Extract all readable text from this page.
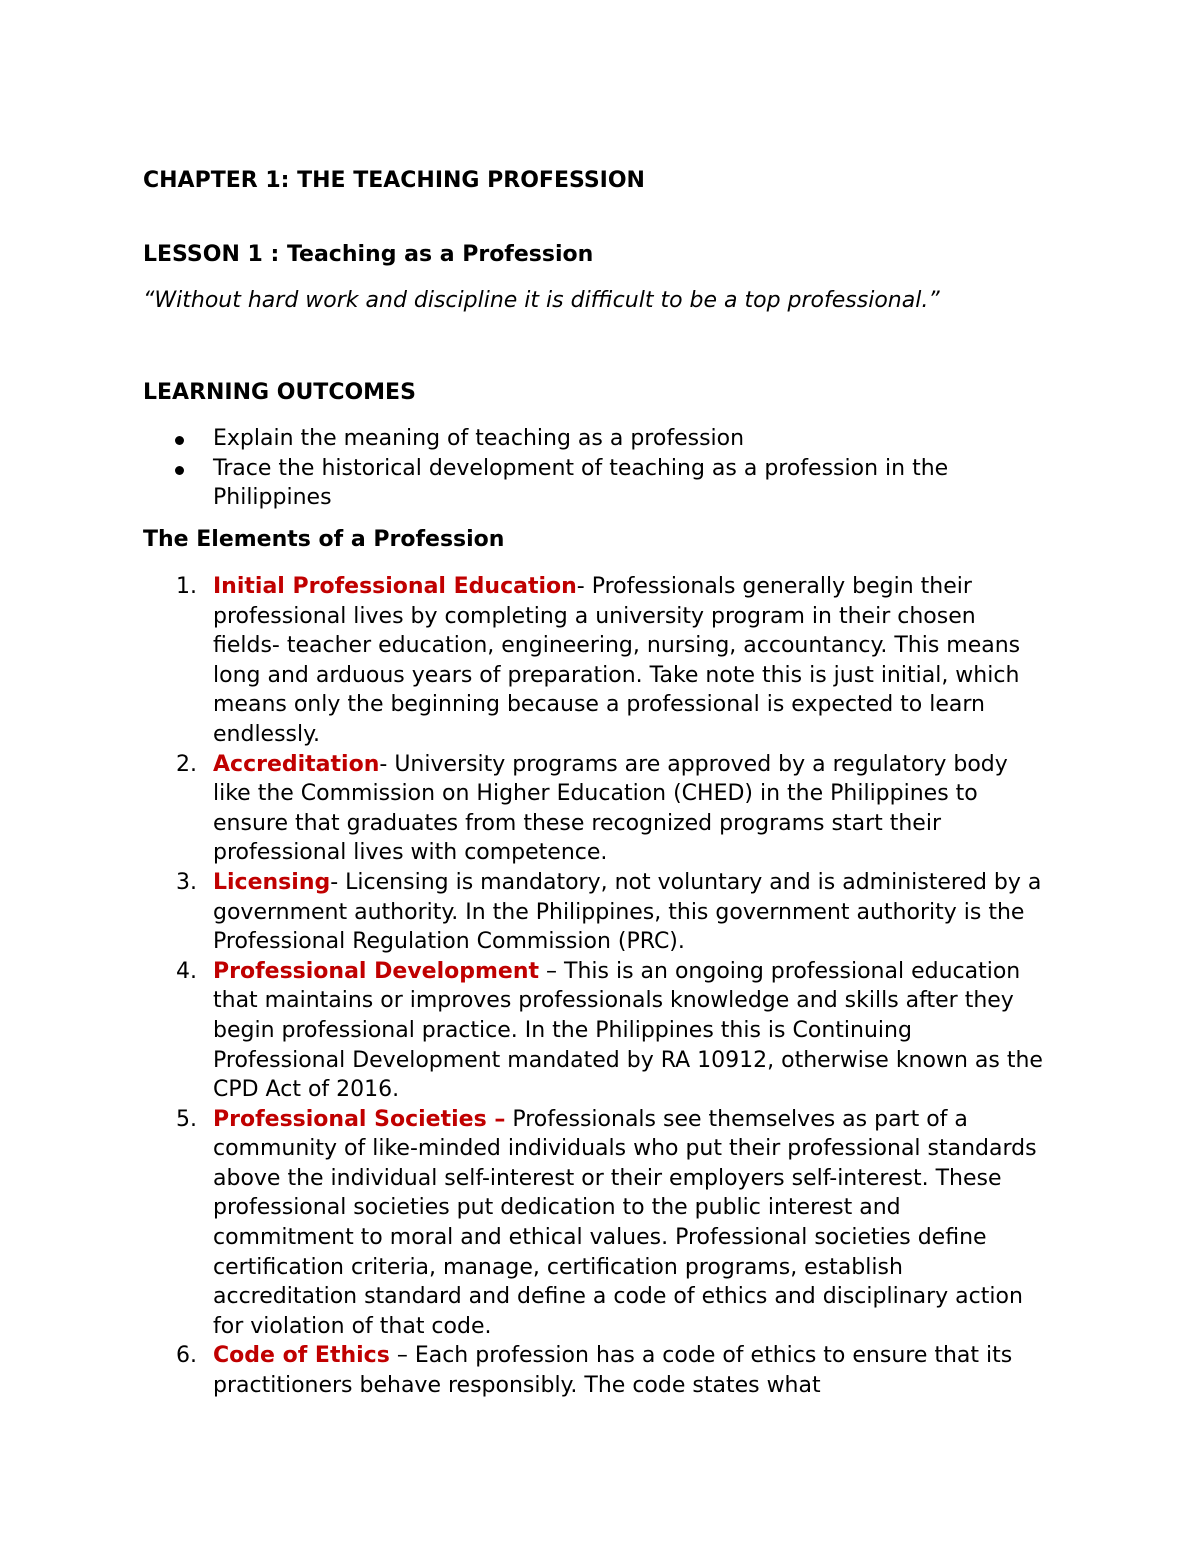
CHAPTER 1: THE TEACHING PROFESSION
LESSON 1 : Teaching as a Profession

“Without hard work and discipline it is difficult to be a top professional.”

LEARNING OUTCOMES
Explain the meaning of teaching as a profession
Trace the historical development of teaching as a profession in the Philippines
The Elements of a Profession
1. Initial Professional Education- Professionals generally begin their professional lives by completing a university program in their chosen fields- teacher education, engineering, nursing, accountancy. This means long and arduous years of preparation. Take note this is just initial, which means only the beginning because a professional is expected to learn endlessly.
2. Accreditation- University programs are approved by a regulatory body like the Commission on Higher Education (CHED) in the Philippines to ensure that graduates from these recognized programs start their professional lives with competence.
3. Licensing- Licensing is mandatory, not voluntary and is administered by a government authority. In the Philippines, this government authority is the Professional Regulation Commission (PRC).
4. Professional Development – This is an ongoing professional education that maintains or improves professionals knowledge and skills after they begin professional practice. In the Philippines this is Continuing Professional Development mandated by RA 10912, otherwise known as the CPD Act of 2016.
5. Professional Societies – Professionals see themselves as part of a community of like-minded individuals who put their professional standards above the individual self-interest or their employers self-interest. These professional societies put dedication to the public interest and commitment to moral and ethical values. Professional societies define certification criteria, manage, certification programs, establish accreditation standard and define a code of ethics and disciplinary action for violation of that code.
6. Code of Ethics – Each profession has a code of ethics to ensure that its practitioners behave responsibly. The code states what
